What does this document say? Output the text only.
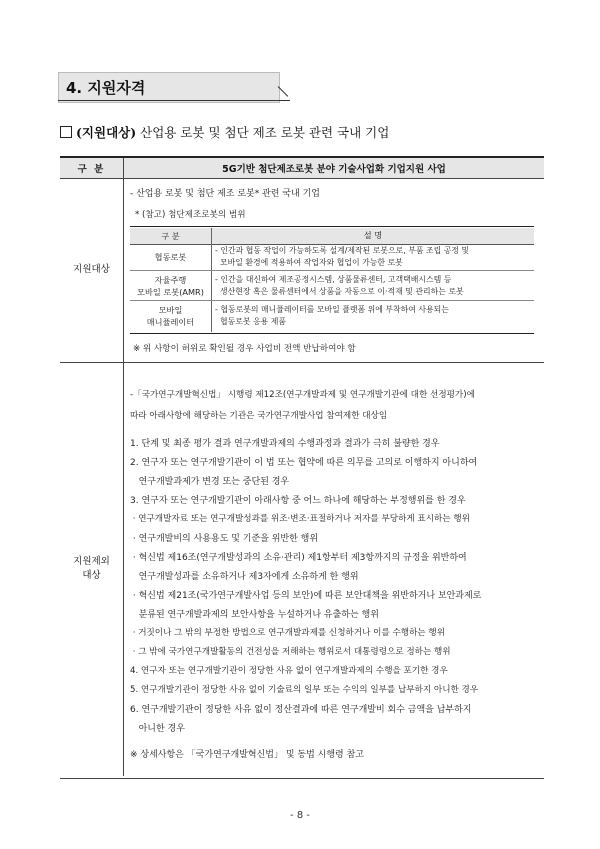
4. 지원자격
(지원대상) 산업용 로봇 및 첨단 제조 로봇 관련 국내 기업
구 분	5G기반 첨단제조로봇 분야 기술사업화 기업지원 사업
지원대상
- 산업용 로봇 및 첨단 제조 로봇* 관련 국내 기업
* (참고) 첨단제조로봇의 범위
구 분	설 명
협동로봇
- 인간과 협동 작업이 가능하도록 설계/제작된 로봇으로, 부품 조립 공정 및
모바일 환경에 적용하여 작업자와 협업이 가능한 로봇
자율주행
모바일 로봇(AMR)
- 인간을 대신하여 제조공정시스템, 상품물류센터, 고객택배시스템 등
생산현장 혹은 물류센터에서 상품을 자동으로 이·적재 및 관리하는 로봇
모바일
매니퓰레이터
- 협동로봇의 매니퓰레이터를 모바일 플랫폼 위에 부착하여 사용되는
협동로봇 응용 제품
※ 위 사항이 허위로 확인될 경우 사업비 전액 반납하여야 함
지원제외
대상
-「국가연구개발혁신법」 시행령 제12조(연구개발과제 및 연구개발기관에 대한 선정평가)에
따라 아래사항에 해당하는 기관은 국가연구개발사업 참여제한 대상임
1. 단계 및 최종 평가 결과 연구개발과제의 수행과정과 결과가 극히 불량한 경우
2. 연구자 또는 연구개발기관이 이 법 또는 협약에 따른 의무를 고의로 이행하지 아니하여
연구개발과제가 변경 또는 중단된 경우
3. 연구자 또는 연구개발기관이 아래사항 중 어느 하나에 해당하는 부정행위를 한 경우
· 연구개발자료 또는 연구개발성과를 위조·변조·표절하거나 저자를 부당하게 표시하는 행위
· 연구개발비의 사용용도 및 기준을 위반한 행위
· 혁신법 제16조(연구개발성과의 소유·관리) 제1항부터 제3항까지의 규정을 위반하여
연구개발성과를 소유하거나 제3자에게 소유하게 한 행위
· 혁신법 제21조(국가연구개발사업 등의 보안)에 따른 보안대책을 위반하거나 보안과제로
분류된 연구개발과제의 보안사항을 누설하거나 유출하는 행위
· 거짓이나 그 밖의 부정한 방법으로 연구개발과제를 신청하거나 이를 수행하는 행위
· 그 밖에 국가연구개발활동의 건전성을 저해하는 행위로서 대통령령으로 정하는 행위
4. 연구자 또는 연구개발기관이 정당한 사유 없이 연구개발과제의 수행을 포기한 경우
5. 연구개발기관이 정당한 사유 없이 기술료의 일부 또는 수익의 일부를 납부하지 아니한 경우
6. 연구개발기관이 정당한 사유 없이 정산결과에 따른 연구개발비 회수 금액을 납부하지
아니한 경우
※ 상세사항은 「국가연구개발혁신법」 및 동법 시행령 참고
- 8 -
